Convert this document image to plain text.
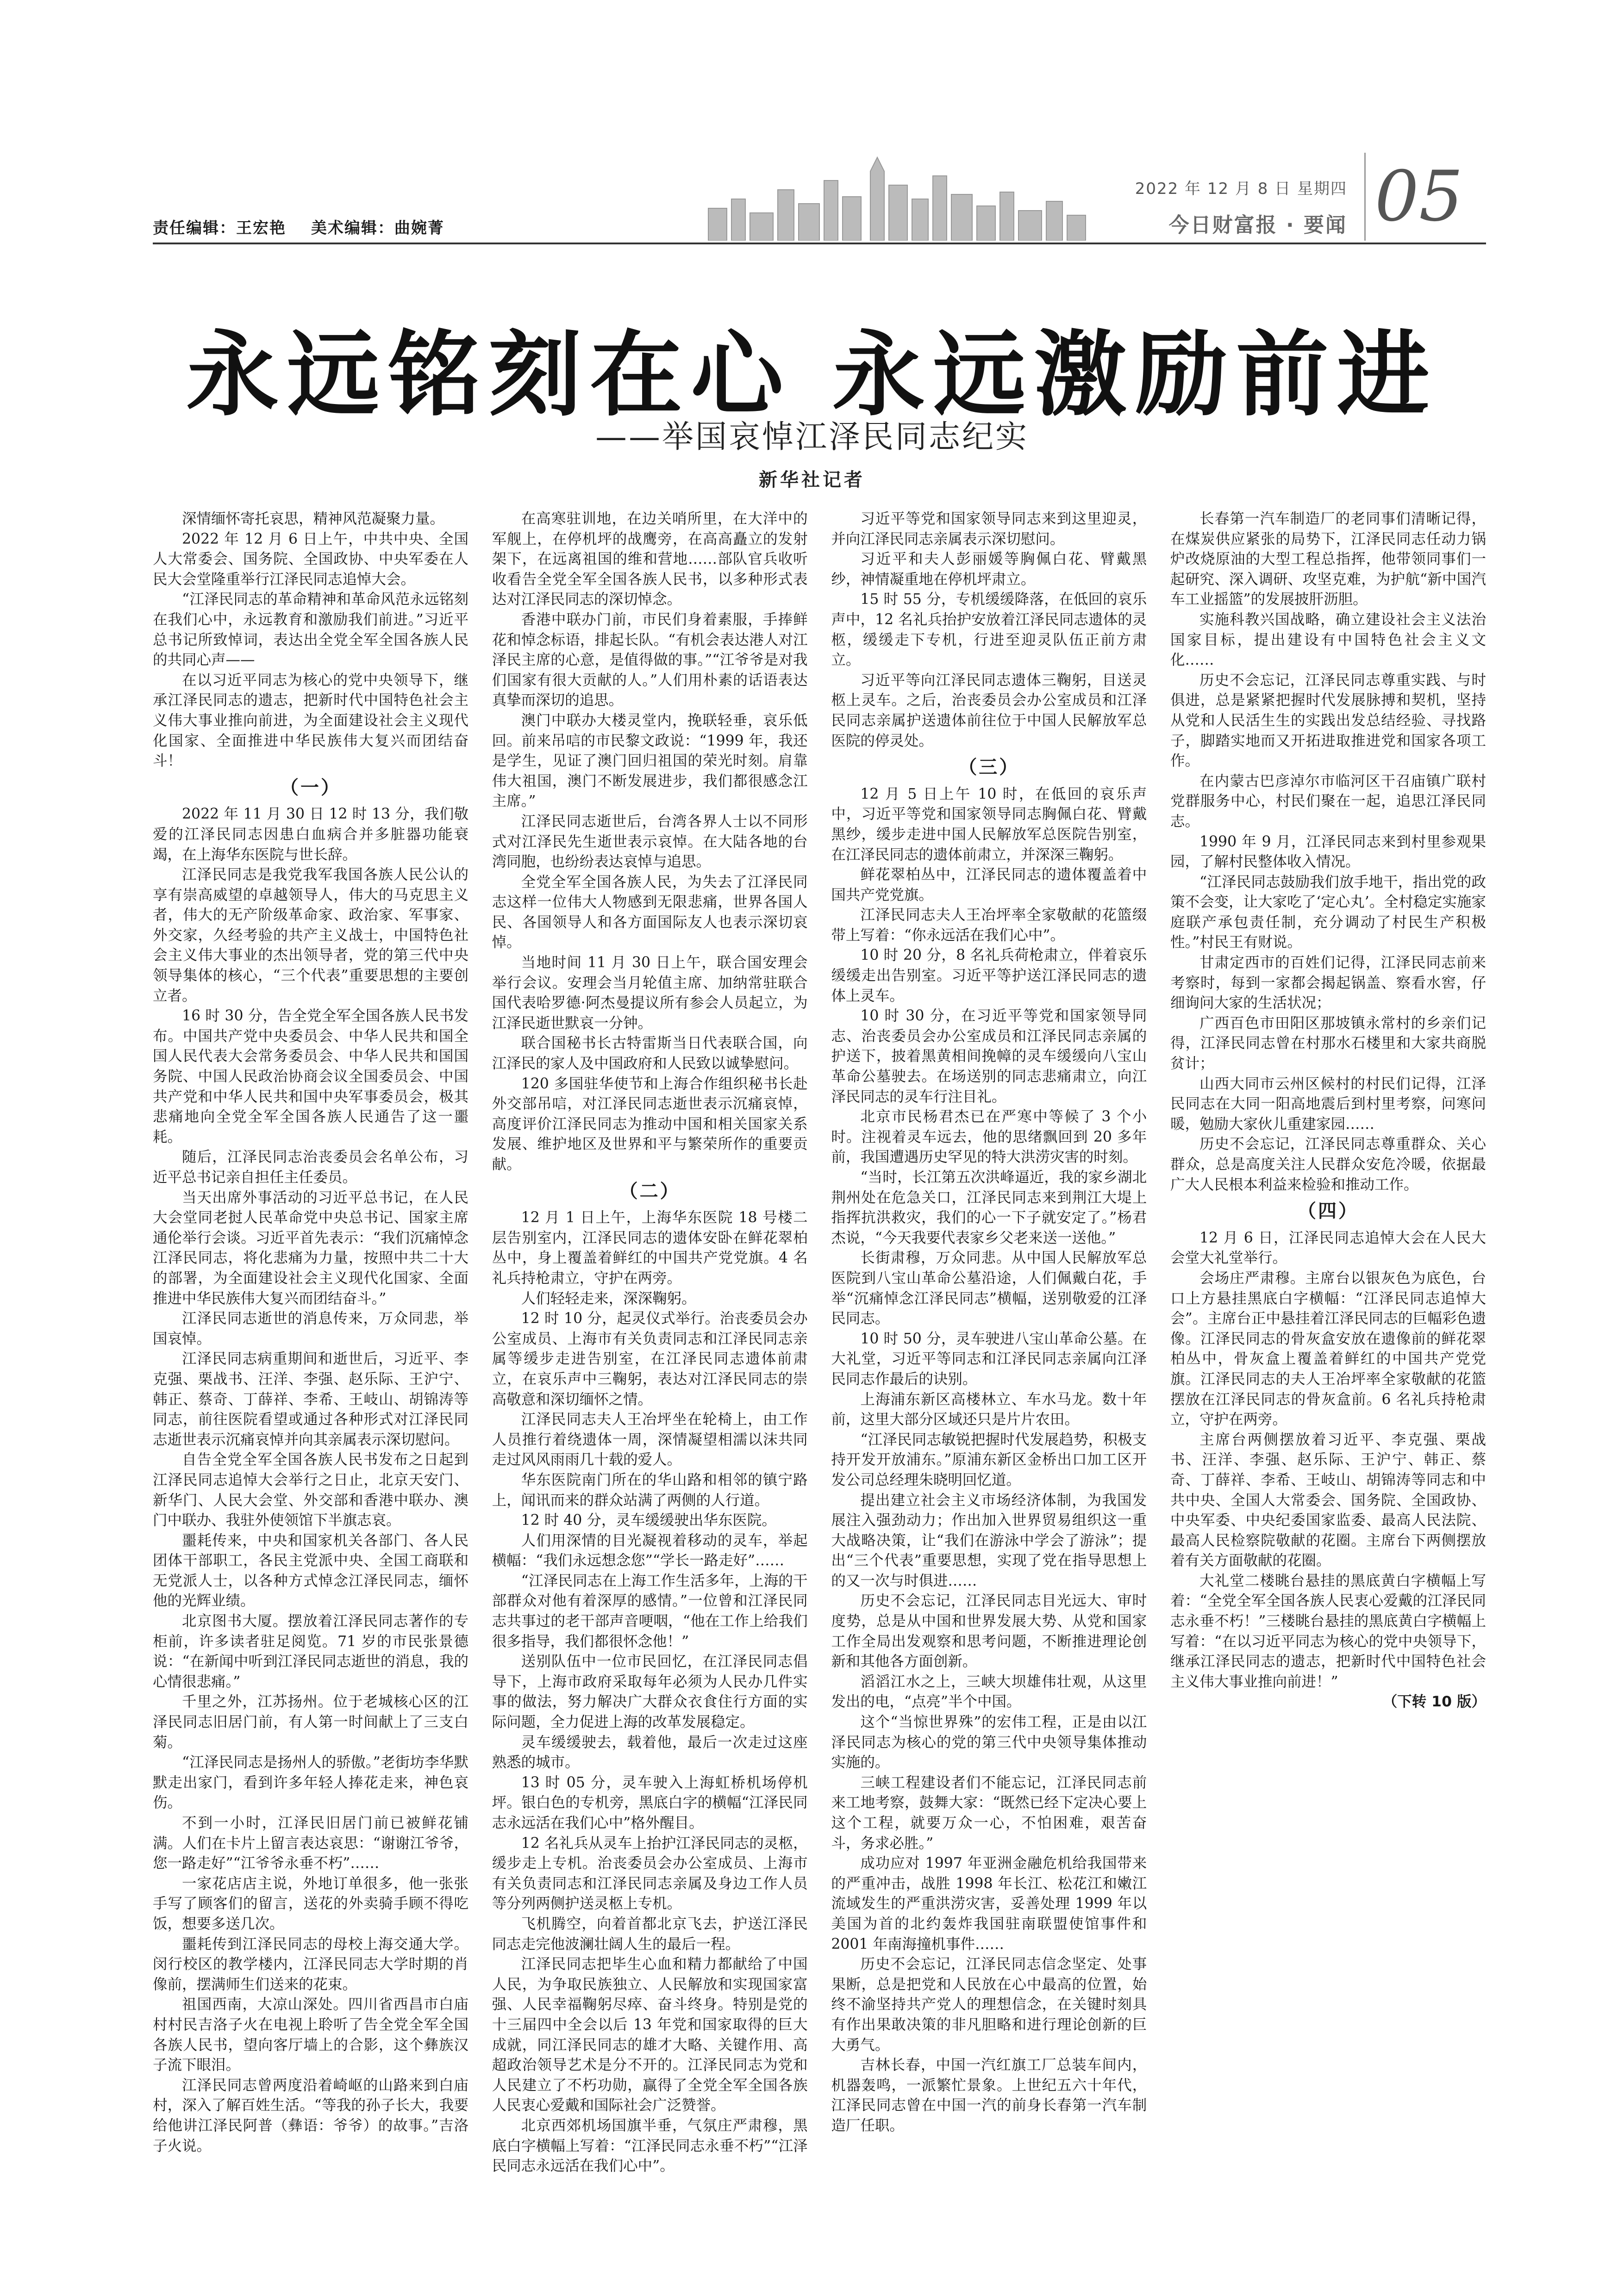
责任编辑：王宏艳 美术编辑：曲婉菁
2022 年 12 月 8 日 星期四
今日财富报 · 要闻 05
永远铭刻在心 永远激励前进
——举国哀悼江泽民同志纪实
新华社记者

深情缅怀寄托哀思，精神风范凝聚力量。

2022 年 12 月 6 日上午，中共中央、全国人大常委会、国务院、全国政协、中央军委在人民大会堂隆重举行江泽民同志追悼大会。

“江泽民同志的革命精神和革命风范永远铭刻在我们心中，永远教育和激励我们前进。”习近平总书记所致悼词，表达出全党全军全国各族人民的共同心声——

在以习近平同志为核心的党中央领导下，继承江泽民同志的遗志，把新时代中国特色社会主义伟大事业推向前进，为全面建设社会主义现代化国家、全面推进中华民族伟大复兴而团结奋斗！

（一）

2022 年 11 月 30 日 12 时 13 分，我们敬爱的江泽民同志因患白血病合并多脏器功能衰竭，在上海华东医院与世长辞。

江泽民同志是我党我军我国各族人民公认的享有崇高威望的卓越领导人，伟大的马克思主义者，伟大的无产阶级革命家、政治家、军事家、外交家，久经考验的共产主义战士，中国特色社会主义伟大事业的杰出领导者，党的第三代中央领导集体的核心，“三个代表”重要思想的主要创立者。

16 时 30 分，告全党全军全国各族人民书发布。中国共产党中央委员会、中华人民共和国全国人民代表大会常务委员会、中华人民共和国国务院、中国人民政治协商会议全国委员会、中国共产党和中华人民共和国中央军事委员会，极其悲痛地向全党全军全国各族人民通告了这一噩耗。

随后，江泽民同志治丧委员会名单公布，习近平总书记亲自担任主任委员。

当天出席外事活动的习近平总书记，在人民大会堂同老挝人民革命党中央总书记、国家主席通伦举行会谈。习近平首先表示：“我们沉痛悼念江泽民同志，将化悲痛为力量，按照中共二十大的部署，为全面建设社会主义现代化国家、全面推进中华民族伟大复兴而团结奋斗。”

江泽民同志逝世的消息传来，万众同悲，举国哀悼。

江泽民同志病重期间和逝世后，习近平、李克强、栗战书、汪洋、李强、赵乐际、王沪宁、韩正、蔡奇、丁薛祥、李希、王岐山、胡锦涛等同志，前往医院看望或通过各种形式对江泽民同志逝世表示沉痛哀悼并向其亲属表示深切慰问。

自告全党全军全国各族人民书发布之日起到江泽民同志追悼大会举行之日止，北京天安门、新华门、人民大会堂、外交部和香港中联办、澳门中联办、我驻外使领馆下半旗志哀。

噩耗传来，中央和国家机关各部门、各人民团体干部职工，各民主党派中央、全国工商联和无党派人士，以各种方式悼念江泽民同志，缅怀他的光辉业绩。

北京图书大厦。摆放着江泽民同志著作的专柜前，许多读者驻足阅览。71 岁的市民张景德说：“在新闻中听到江泽民同志逝世的消息，我的心情很悲痛。”

千里之外，江苏扬州。位于老城核心区的江泽民同志旧居门前，有人第一时间献上了三支白菊。

“江泽民同志是扬州人的骄傲。”老街坊李华默默走出家门，看到许多年轻人捧花走来，神色哀伤。

不到一小时，江泽民旧居门前已被鲜花铺满。人们在卡片上留言表达哀思：“谢谢江爷爷，您一路走好”“江爷爷永垂不朽”……

一家花店店主说，外地订单很多，他一张张手写了顾客们的留言，送花的外卖骑手顾不得吃饭，想要多送几次。

噩耗传到江泽民同志的母校上海交通大学。闵行校区的教学楼内，江泽民同志大学时期的肖像前，摆满师生们送来的花束。

祖国西南，大凉山深处。四川省西昌市白庙村村民吉洛子火在电视上聆听了告全党全军全国各族人民书，望向客厅墙上的合影，这个彝族汉子流下眼泪。

江泽民同志曾两度沿着崎岖的山路来到白庙村，深入了解百姓生活。“等我的孙子长大，我要给他讲江泽民阿普（彝语：爷爷）的故事。”吉洛子火说。

在高寒驻训地，在边关哨所里，在大洋中的军舰上，在停机坪的战鹰旁，在高高矗立的发射架下，在远离祖国的维和营地……部队官兵收听收看告全党全军全国各族人民书，以多种形式表达对江泽民同志的深切悼念。

香港中联办门前，市民们身着素服，手捧鲜花和悼念标语，排起长队。“有机会表达港人对江泽民主席的心意，是值得做的事。”“江爷爷是对我们国家有很大贡献的人。”人们用朴素的话语表达真挚而深切的追思。

澳门中联办大楼灵堂内，挽联轻垂，哀乐低回。前来吊唁的市民黎文政说：“1999 年，我还是学生，见证了澳门回归祖国的荣光时刻。肩靠伟大祖国，澳门不断发展进步，我们都很感念江主席。”

江泽民同志逝世后，台湾各界人士以不同形式对江泽民先生逝世表示哀悼。在大陆各地的台湾同胞，也纷纷表达哀悼与追思。

全党全军全国各族人民，为失去了江泽民同志这样一位伟大人物感到无限悲痛，世界各国人民、各国领导人和各方面国际友人也表示深切哀悼。

当地时间 11 月 30 日上午，联合国安理会举行会议。安理会当月轮值主席、加纳常驻联合国代表哈罗德·阿杰曼提议所有参会人员起立，为江泽民逝世默哀一分钟。

联合国秘书长古特雷斯当日代表联合国，向江泽民的家人及中国政府和人民致以诚挚慰问。

120 多国驻华使节和上海合作组织秘书长赴外交部吊唁，对江泽民同志逝世表示沉痛哀悼，高度评价江泽民同志为推动中国和相关国家关系发展、维护地区及世界和平与繁荣所作的重要贡献。

（二）

12 月 1 日上午，上海华东医院 18 号楼二层告别室内，江泽民同志的遗体安卧在鲜花翠柏丛中，身上覆盖着鲜红的中国共产党党旗。4 名礼兵持枪肃立，守护在两旁。

人们轻轻走来，深深鞠躬。

12 时 10 分，起灵仪式举行。治丧委员会办公室成员、上海市有关负责同志和江泽民同志亲属等缓步走进告别室，在江泽民同志遗体前肃立，在哀乐声中三鞠躬，表达对江泽民同志的崇高敬意和深切缅怀之情。

江泽民同志夫人王冶坪坐在轮椅上，由工作人员推行着绕遗体一周，深情凝望相濡以沫共同走过风风雨雨几十载的爱人。

华东医院南门所在的华山路和相邻的镇宁路上，闻讯而来的群众站满了两侧的人行道。

12 时 40 分，灵车缓缓驶出华东医院。

人们用深情的目光凝视着移动的灵车，举起横幅：“我们永远想念您”“学长一路走好”……

“江泽民同志在上海工作生活多年，上海的干部群众对他有着深厚的感情。”一位曾和江泽民同志共事过的老干部声音哽咽，“他在工作上给我们很多指导，我们都很怀念他！”

送别队伍中一位市民回忆，在江泽民同志倡导下，上海市政府采取每年必须为人民办几件实事的做法，努力解决广大群众衣食住行方面的实际问题，全力促进上海的改革发展稳定。

灵车缓缓驶去，载着他，最后一次走过这座熟悉的城市。

13 时 05 分，灵车驶入上海虹桥机场停机坪。银白色的专机旁，黑底白字的横幅“江泽民同志永远活在我们心中”格外醒目。

12 名礼兵从灵车上抬护江泽民同志的灵柩，缓步走上专机。治丧委员会办公室成员、上海市有关负责同志和江泽民同志亲属及身边工作人员等分列两侧护送灵柩上专机。

飞机腾空，向着首都北京飞去，护送江泽民同志走完他波澜壮阔人生的最后一程。

江泽民同志把毕生心血和精力都献给了中国人民，为争取民族独立、人民解放和实现国家富强、人民幸福鞠躬尽瘁、奋斗终身。特别是党的十三届四中全会以后 13 年党和国家取得的巨大成就，同江泽民同志的雄才大略、关键作用、高超政治领导艺术是分不开的。江泽民同志为党和人民建立了不朽功勋，赢得了全党全军全国各族人民衷心爱戴和国际社会广泛赞誉。

北京西郊机场国旗半垂，气氛庄严肃穆，黑底白字横幅上写着：“江泽民同志永垂不朽”“江泽民同志永远活在我们心中”。

习近平等党和国家领导同志来到这里迎灵，并向江泽民同志亲属表示深切慰问。

习近平和夫人彭丽媛等胸佩白花、臂戴黑纱，神情凝重地在停机坪肃立。

15 时 55 分，专机缓缓降落，在低回的哀乐声中，12 名礼兵抬护安放着江泽民同志遗体的灵柩，缓缓走下专机，行进至迎灵队伍正前方肃立。

习近平等向江泽民同志遗体三鞠躬，目送灵柩上灵车。之后，治丧委员会办公室成员和江泽民同志亲属护送遗体前往位于中国人民解放军总医院的停灵处。

（三）

12 月 5 日上午 10 时，在低回的哀乐声中，习近平等党和国家领导同志胸佩白花、臂戴黑纱，缓步走进中国人民解放军总医院告别室，在江泽民同志的遗体前肃立，并深深三鞠躬。

鲜花翠柏丛中，江泽民同志的遗体覆盖着中国共产党党旗。

江泽民同志夫人王冶坪率全家敬献的花篮缀带上写着：“你永远活在我们心中”。

10 时 20 分，8 名礼兵荷枪肃立，伴着哀乐缓缓走出告别室。习近平等护送江泽民同志的遗体上灵车。

10 时 30 分，在习近平等党和国家领导同志、治丧委员会办公室成员和江泽民同志亲属的护送下，披着黑黄相间挽幛的灵车缓缓向八宝山革命公墓驶去。在场送别的同志悲痛肃立，向江泽民同志的灵车行注目礼。

北京市民杨君杰已在严寒中等候了 3 个小时。注视着灵车远去，他的思绪飘回到 20 多年前，我国遭遇历史罕见的特大洪涝灾害的时刻。

“当时，长江第五次洪峰逼近，我的家乡湖北荆州处在危急关口，江泽民同志来到荆江大堤上指挥抗洪救灾，我们的心一下子就安定了。”杨君杰说，“今天我要代表家乡父老来送一送他。”

长街肃穆，万众同悲。从中国人民解放军总医院到八宝山革命公墓沿途，人们佩戴白花，手举“沉痛悼念江泽民同志”横幅，送别敬爱的江泽民同志。

10 时 50 分，灵车驶进八宝山革命公墓。在大礼堂，习近平等同志和江泽民同志亲属向江泽民同志作最后的诀别。

上海浦东新区高楼林立、车水马龙。数十年前，这里大部分区域还只是片片农田。

“江泽民同志敏锐把握时代发展趋势，积极支持开发开放浦东。”原浦东新区金桥出口加工区开发公司总经理朱晓明回忆道。

提出建立社会主义市场经济体制，为我国发展注入强劲动力；作出加入世界贸易组织这一重大战略决策，让“我们在游泳中学会了游泳”；提出“三个代表”重要思想，实现了党在指导思想上的又一次与时俱进……

历史不会忘记，江泽民同志目光远大、审时度势，总是从中国和世界发展大势、从党和国家工作全局出发观察和思考问题，不断推进理论创新和其他各方面创新。

滔滔江水之上，三峡大坝雄伟壮观，从这里发出的电，“点亮”半个中国。

这个“当惊世界殊”的宏伟工程，正是由以江泽民同志为核心的党的第三代中央领导集体推动实施的。

三峡工程建设者们不能忘记，江泽民同志前来工地考察，鼓舞大家：“既然已经下定决心要上这个工程，就要万众一心，不怕困难，艰苦奋斗，务求必胜。”

成功应对 1997 年亚洲金融危机给我国带来的严重冲击，战胜 1998 年长江、松花江和嫩江流域发生的严重洪涝灾害，妥善处理 1999 年以美国为首的北约轰炸我国驻南联盟使馆事件和 2001 年南海撞机事件……

历史不会忘记，江泽民同志信念坚定、处事果断，总是把党和人民放在心中最高的位置，始终不渝坚持共产党人的理想信念，在关键时刻具有作出果敢决策的非凡胆略和进行理论创新的巨大勇气。

吉林长春，中国一汽红旗工厂总装车间内，机器轰鸣，一派繁忙景象。上世纪五六十年代，江泽民同志曾在中国一汽的前身长春第一汽车制造厂任职。

长春第一汽车制造厂的老同事们清晰记得，在煤炭供应紧张的局势下，江泽民同志任动力锅炉改烧原油的大型工程总指挥，他带领同事们一起研究、深入调研、攻坚克难，为护航“新中国汽车工业摇篮”的发展披肝沥胆。

实施科教兴国战略，确立建设社会主义法治国家目标，提出建设有中国特色社会主义文化……

历史不会忘记，江泽民同志尊重实践、与时俱进，总是紧紧把握时代发展脉搏和契机，坚持从党和人民活生生的实践出发总结经验、寻找路子，脚踏实地而又开拓进取推进党和国家各项工作。

在内蒙古巴彦淖尔市临河区干召庙镇广联村党群服务中心，村民们聚在一起，追思江泽民同志。

1990 年 9 月，江泽民同志来到村里参观果园，了解村民整体收入情况。

“江泽民同志鼓励我们放手地干，指出党的政策不会变，让大家吃了‘定心丸’。全村稳定实施家庭联产承包责任制，充分调动了村民生产积极性。”村民王有财说。

甘肃定西市的百姓们记得，江泽民同志前来考察时，每到一家都会揭起锅盖、察看水窖，仔细询问大家的生活状况；

广西百色市田阳区那坡镇永常村的乡亲们记得，江泽民同志曾在村那水石楼里和大家共商脱贫计；

山西大同市云州区候村的村民们记得，江泽民同志在大同一阳高地震后到村里考察，问寒问暖，勉励大家伙儿重建家园……

历史不会忘记，江泽民同志尊重群众、关心群众，总是高度关注人民群众安危冷暖，依据最广大人民根本利益来检验和推动工作。

（四）

12 月 6 日，江泽民同志追悼大会在人民大会堂大礼堂举行。

会场庄严肃穆。主席台以银灰色为底色，台口上方悬挂黑底白字横幅：“江泽民同志追悼大会”。主席台正中悬挂着江泽民同志的巨幅彩色遗像。江泽民同志的骨灰盒安放在遗像前的鲜花翠柏丛中，骨灰盒上覆盖着鲜红的中国共产党党旗。江泽民同志的夫人王冶坪率全家敬献的花篮摆放在江泽民同志的骨灰盒前。6 名礼兵持枪肃立，守护在两旁。

主席台两侧摆放着习近平、李克强、栗战书、汪洋、李强、赵乐际、王沪宁、韩正、蔡奇、丁薛祥、李希、王岐山、胡锦涛等同志和中共中央、全国人大常委会、国务院、全国政协、中央军委、中央纪委国家监委、最高人民法院、最高人民检察院敬献的花圈。主席台下两侧摆放着有关方面敬献的花圈。

大礼堂二楼眺台悬挂的黑底黄白字横幅上写着：“全党全军全国各族人民衷心爱戴的江泽民同志永垂不朽！”三楼眺台悬挂的黑底黄白字横幅上写着：“在以习近平同志为核心的党中央领导下，继承江泽民同志的遗志，把新时代中国特色社会主义伟大事业推向前进！”

（下转 10 版）
